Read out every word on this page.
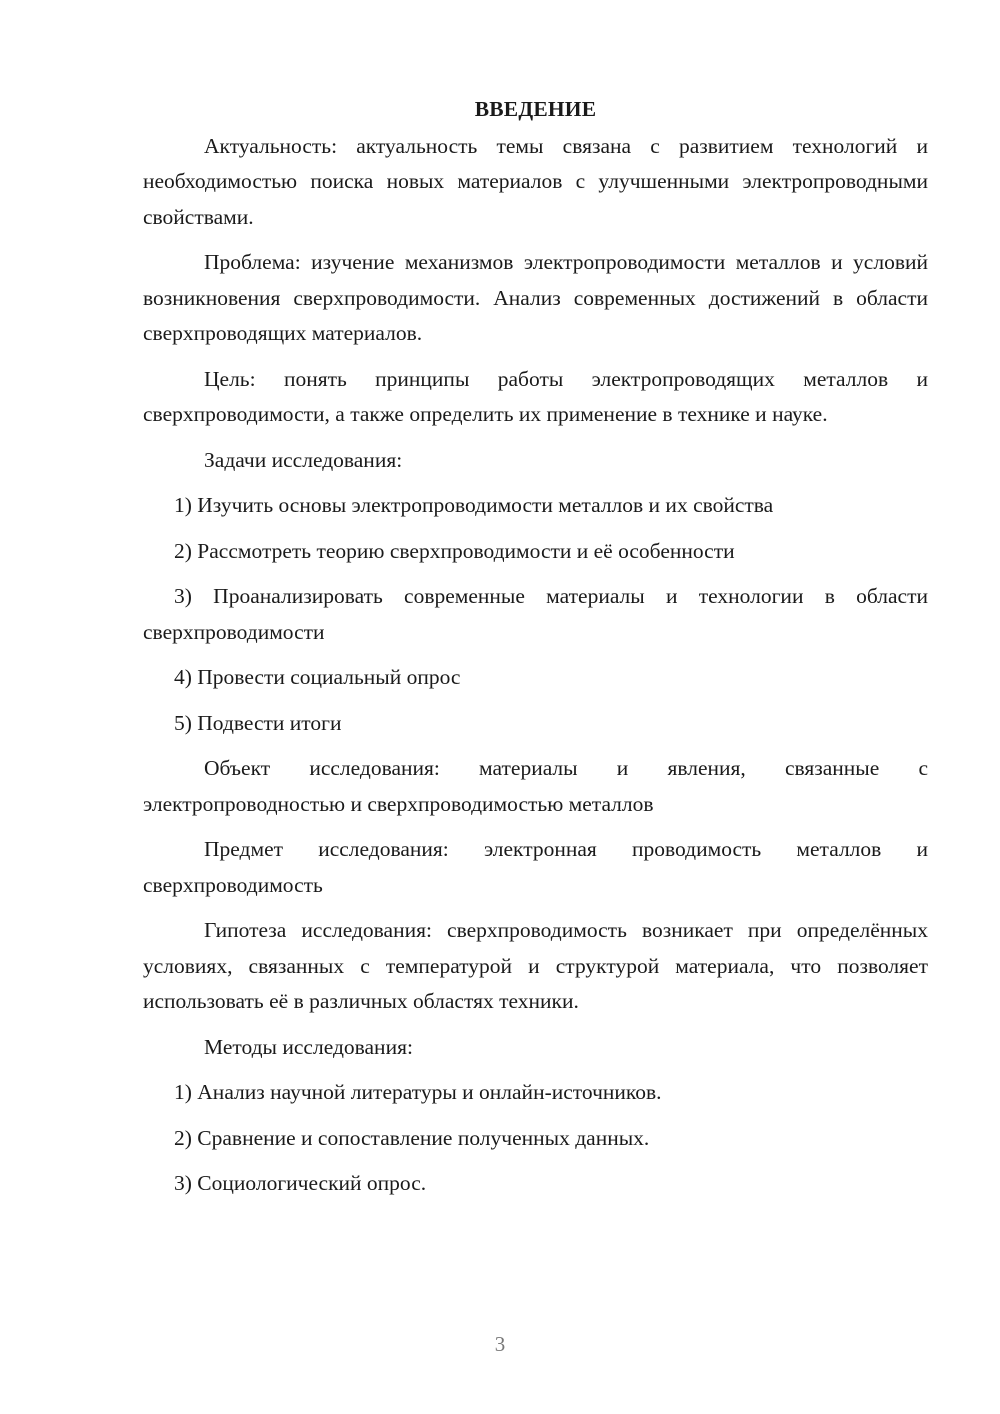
ВВЕДЕНИЕ

Актуальность: актуальность темы связана с развитием технологий и необходимостью поиска новых материалов с улучшенными электропроводными свойствами.

Проблема: изучение механизмов электропроводимости металлов и условий возникновения сверхпроводимости. Анализ современных достижений в области сверхпроводящих материалов.

Цель: понять принципы работы электропроводящих металлов и сверхпроводимости, а также определить их применение в технике и науке.

Задачи исследования:

1) Изучить основы электропроводимости металлов и их свойства

2) Рассмотреть теорию сверхпроводимости и её особенности

3) Проанализировать современные материалы и технологии в области сверхпроводимости

4) Провести социальный опрос

5) Подвести итоги

Объект исследования: материалы и явления, связанные с электропроводностью и сверхпроводимостью металлов

Предмет исследования: электронная проводимость металлов и сверхпроводимость

Гипотеза исследования: сверхпроводимость возникает при определённых условиях, связанных с температурой и структурой материала, что позволяет использовать её в различных областях техники.

Методы исследования:

1) Анализ научной литературы и онлайн-источников.

2) Сравнение и сопоставление полученных данных.

3) Социологический опрос.

3
